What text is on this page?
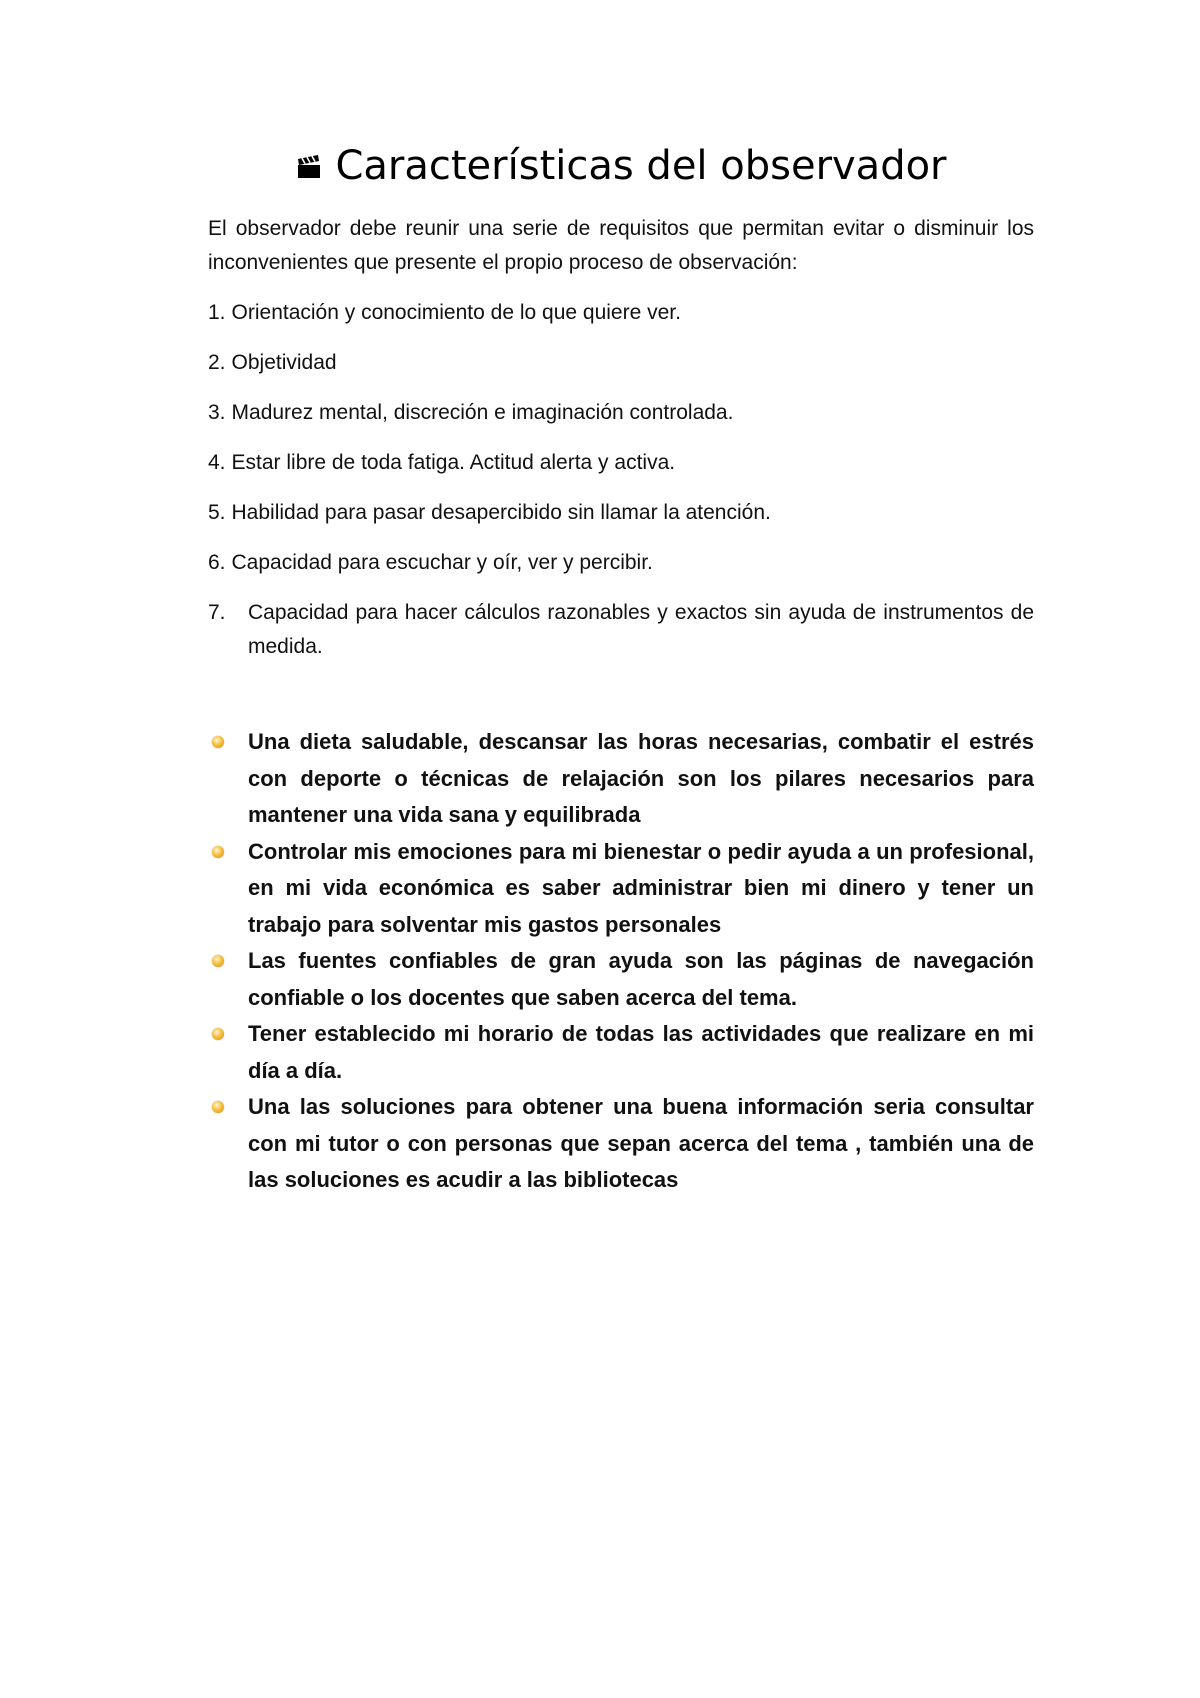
Características del observador

El observador debe reunir una serie de requisitos que permitan evitar o disminuir los inconvenientes que presente el propio proceso de observación:

1. Orientación y conocimiento de lo que quiere ver.
2. Objetividad
3. Madurez mental, discreción e imaginación controlada.
4. Estar libre de toda fatiga. Actitud alerta y activa.
5. Habilidad para pasar desapercibido sin llamar la atención.
6. Capacidad para escuchar y oír, ver y percibir.
7.	Capacidad para hacer cálculos razonables y exactos sin ayuda de instrumentos de medida.
Una dieta saludable, descansar las horas necesarias, combatir el estrés con deporte o técnicas de relajación son los pilares necesarios para mantener una vida sana y equilibrada
Controlar mis emociones para mi bienestar o pedir ayuda a un profesional, en mi vida económica es saber administrar bien mi dinero y tener un trabajo para solventar mis gastos personales
Las fuentes confiables de gran ayuda son las páginas de navegación confiable o los docentes que saben acerca del tema.
Tener establecido mi horario de todas las actividades que realizare en mi día a día.
Una las soluciones para obtener una buena información seria consultar con mi tutor o con personas que sepan acerca del tema , también una de las soluciones es acudir a las bibliotecas
